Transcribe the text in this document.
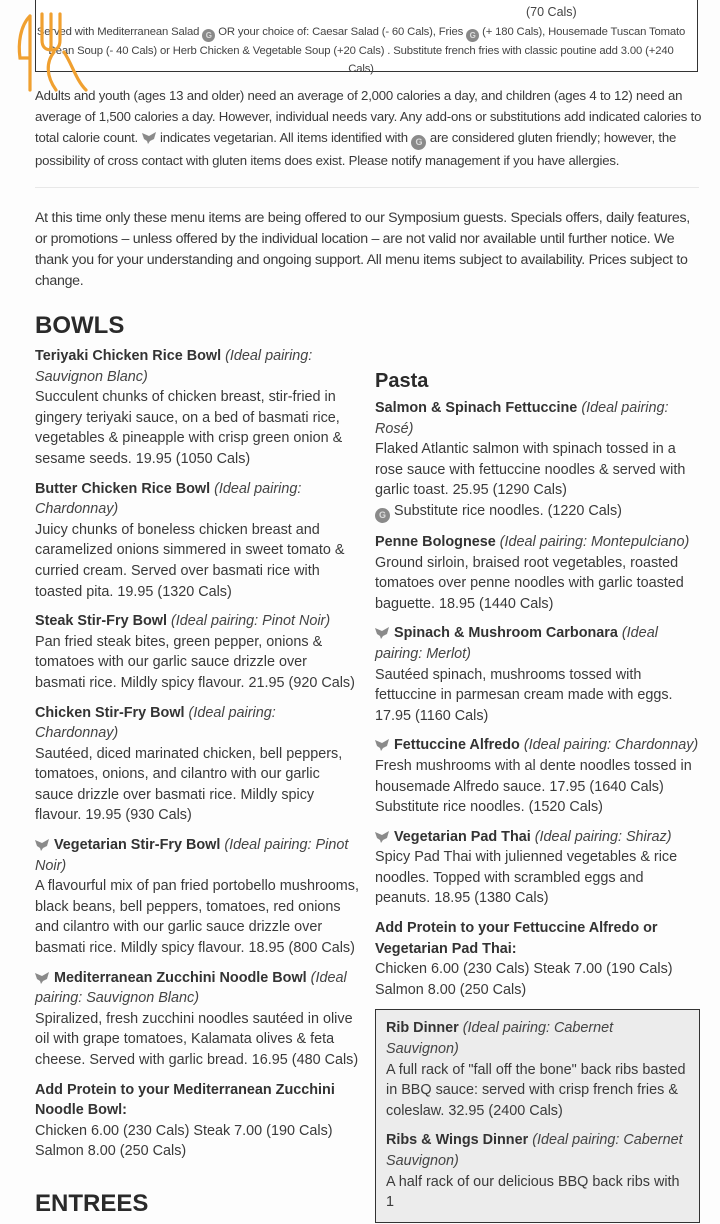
(70 Cals)
Served with Mediterranean Salad G OR your choice of: Caesar Salad (- 60 Cals), Fries G (+ 180 Cals), Housemade Tuscan Tomato Bean Soup (- 40 Cals) or Herb Chicken & Vegetable Soup (+20 Cals) . Substitute french fries with classic poutine add 3.00 (+240 Cals)
Adults and youth (ages 13 and older) need an average of 2,000 calories a day, and children (ages 4 to 12) need an average of 1,500 calories a day. However, individual needs vary. Any add-ons or substitutions add indicated calories to total calorie count. indicates vegetarian. All items identified with G are considered gluten friendly; however, the possibility of cross contact with gluten items does exist. Please notify management if you have allergies.
At this time only these menu items are being offered to our Symposium guests. Specials offers, daily features, or promotions – unless offered by the individual location – are not valid nor available until further notice. We thank you for your understanding and ongoing support. All menu items subject to availability. Prices subject to change.
BOWLS
Teriyaki Chicken Rice Bowl (Ideal pairing: Sauvignon Blanc)
Succulent chunks of chicken breast, stir-fried in gingery teriyaki sauce, on a bed of basmati rice, vegetables & pineapple with crisp green onion & sesame seeds. 19.95 (1050 Cals)
Butter Chicken Rice Bowl (Ideal pairing: Chardonnay)
Juicy chunks of boneless chicken breast and caramelized onions simmered in sweet tomato & curried cream. Served over basmati rice with toasted pita. 19.95 (1320 Cals)
Steak Stir-Fry Bowl (Ideal pairing: Pinot Noir)
Pan fried steak bites, green pepper, onions & tomatoes with our garlic sauce drizzle over basmati rice. Mildly spicy flavour. 21.95 (920 Cals)
Chicken Stir-Fry Bowl (Ideal pairing: Chardonnay)
Sautéed, diced marinated chicken, bell peppers, tomatoes, onions, and cilantro with our garlic sauce drizzle over basmati rice. Mildly spicy flavour. 19.95 (930 Cals)
Vegetarian Stir-Fry Bowl (Ideal pairing: Pinot Noir)
A flavourful mix of pan fried portobello mushrooms, black beans, bell peppers, tomatoes, red onions and cilantro with our garlic sauce drizzle over basmati rice. Mildly spicy flavour. 18.95 (800 Cals)
Mediterranean Zucchini Noodle Bowl (Ideal pairing: Sauvignon Blanc)
Spiralized, fresh zucchini noodles sautéed in olive oil with grape tomatoes, Kalamata olives & feta cheese. Served with garlic bread. 16.95 (480 Cals)
Add Protein to your Mediterranean Zucchini Noodle Bowl:
Chicken 6.00 (230 Cals) Steak 7.00 (190 Cals) Salmon 8.00 (250 Cals)
ENTREES
Pasta
Salmon & Spinach Fettuccine (Ideal pairing: Rosé)
Flaked Atlantic salmon with spinach tossed in a rose sauce with fettuccine noodles & served with garlic toast. 25.95 (1290 Cals)
G Substitute rice noodles. (1220 Cals)
Penne Bolognese (Ideal pairing: Montepulciano)
Ground sirloin, braised root vegetables, roasted tomatoes over penne noodles with garlic toasted baguette. 18.95 (1440 Cals)
Spinach & Mushroom Carbonara (Ideal pairing: Merlot)
Sautéed spinach, mushrooms tossed with fettuccine in parmesan cream made with eggs. 17.95 (1160 Cals)
Fettuccine Alfredo (Ideal pairing: Chardonnay)
Fresh mushrooms with al dente noodles tossed in housemade Alfredo sauce. 17.95 (1640 Cals)
Substitute rice noodles. (1520 Cals)
Vegetarian Pad Thai (Ideal pairing: Shiraz)
Spicy Pad Thai with julienned vegetables & rice noodles. Topped with scrambled eggs and peanuts. 18.95 (1380 Cals)
Add Protein to your Fettuccine Alfredo or Vegetarian Pad Thai:
Chicken 6.00 (230 Cals) Steak 7.00 (190 Cals) Salmon 8.00 (250 Cals)
Rib Dinner (Ideal pairing: Cabernet Sauvignon)
A full rack of "fall off the bone" back ribs basted in BBQ sauce: served with crisp french fries & coleslaw. 32.95 (2400 Cals)
Ribs & Wings Dinner (Ideal pairing: Cabernet Sauvignon)
A half rack of our delicious BBQ back ribs with 1
